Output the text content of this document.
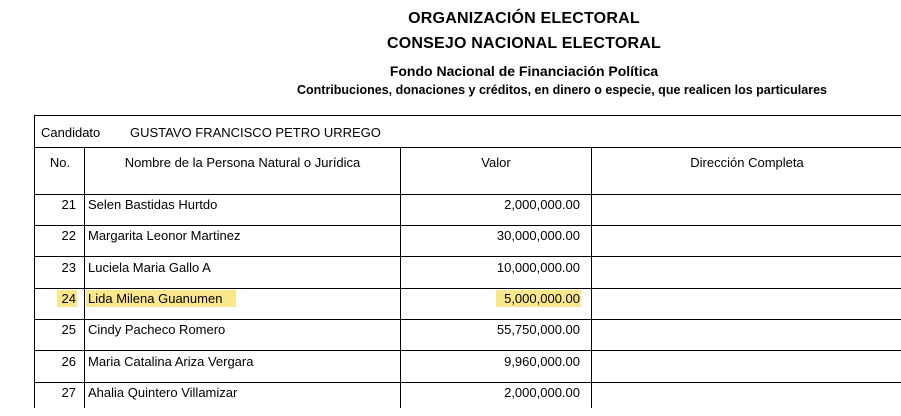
ORGANIZACIÓN ELECTORAL
CONSEJO NACIONAL ELECTORAL
Fondo Nacional de Financiación Política
Contribuciones, donaciones y créditos, en dinero o especie, que realicen los particulares
Candidato GUSTAVO FRANCISCO PETRO URREGO
No.	Nombre de la Persona Natural o Jurídica	Valor	Dirección Completa
21 Selen Bastidas Hurtdo	2,000,000.00
22 Margarita Leonor Martinez	30,000,000.00
23 Luciela Maria Gallo A	10,000,000.00
24 Lida Milena Guanumen	5,000,000.00
25 Cindy Pacheco Romero	55,750,000.00
26 Maria Catalina Ariza Vergara	9,960,000.00
27 Ahalia Quintero Villamizar	2,000,000.00
